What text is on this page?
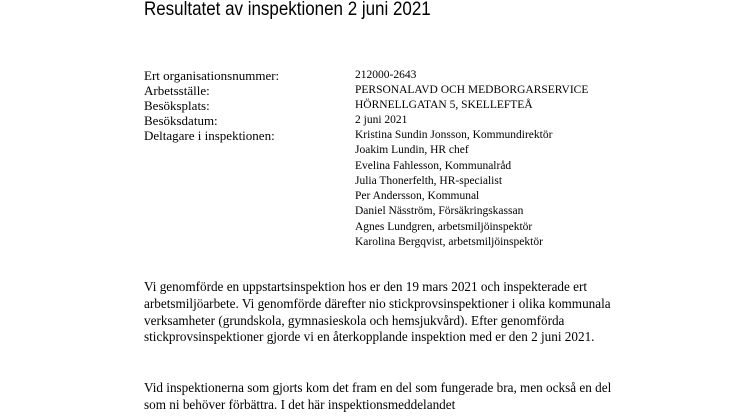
Resultatet av inspektionen 2 juni 2021
Ert organisationsnummer:	212000-2643
Arbetsställe:	PERSONALAVD OCH MEDBORGARSERVICE
Besöksplats:	HÖRNELLGATAN 5, SKELLEFTEÅ
Besöksdatum:	2 juni 2021
Deltagare i inspektionen:	Kristina Sundin Jonsson, Kommundirektör
Joakim Lundin, HR chef
Evelina Fahlesson, Kommunalråd
Julia Thonerfelth, HR-specialist
Per Andersson, Kommunal
Daniel Näsström, Försäkringskassan
Agnes Lundgren, arbetsmiljöinspektör
Karolina Bergqvist, arbetsmiljöinspektör

Vi genomförde en uppstartsinspektion hos er den 19 mars 2021 och inspekterade ert arbetsmiljöarbete. Vi genomförde därefter nio stickprovsinspektioner i olika kommunala verksamheter (grundskola, gymnasieskola och hemsjukvård). Efter genomförda stickprovsinspektioner gjorde vi en återkopplande inspektion med er den 2 juni 2021.

Vid inspektionerna som gjorts kom det fram en del som fungerade bra, men också en del som ni behöver förbättra. I det här inspektionsmeddelandet
